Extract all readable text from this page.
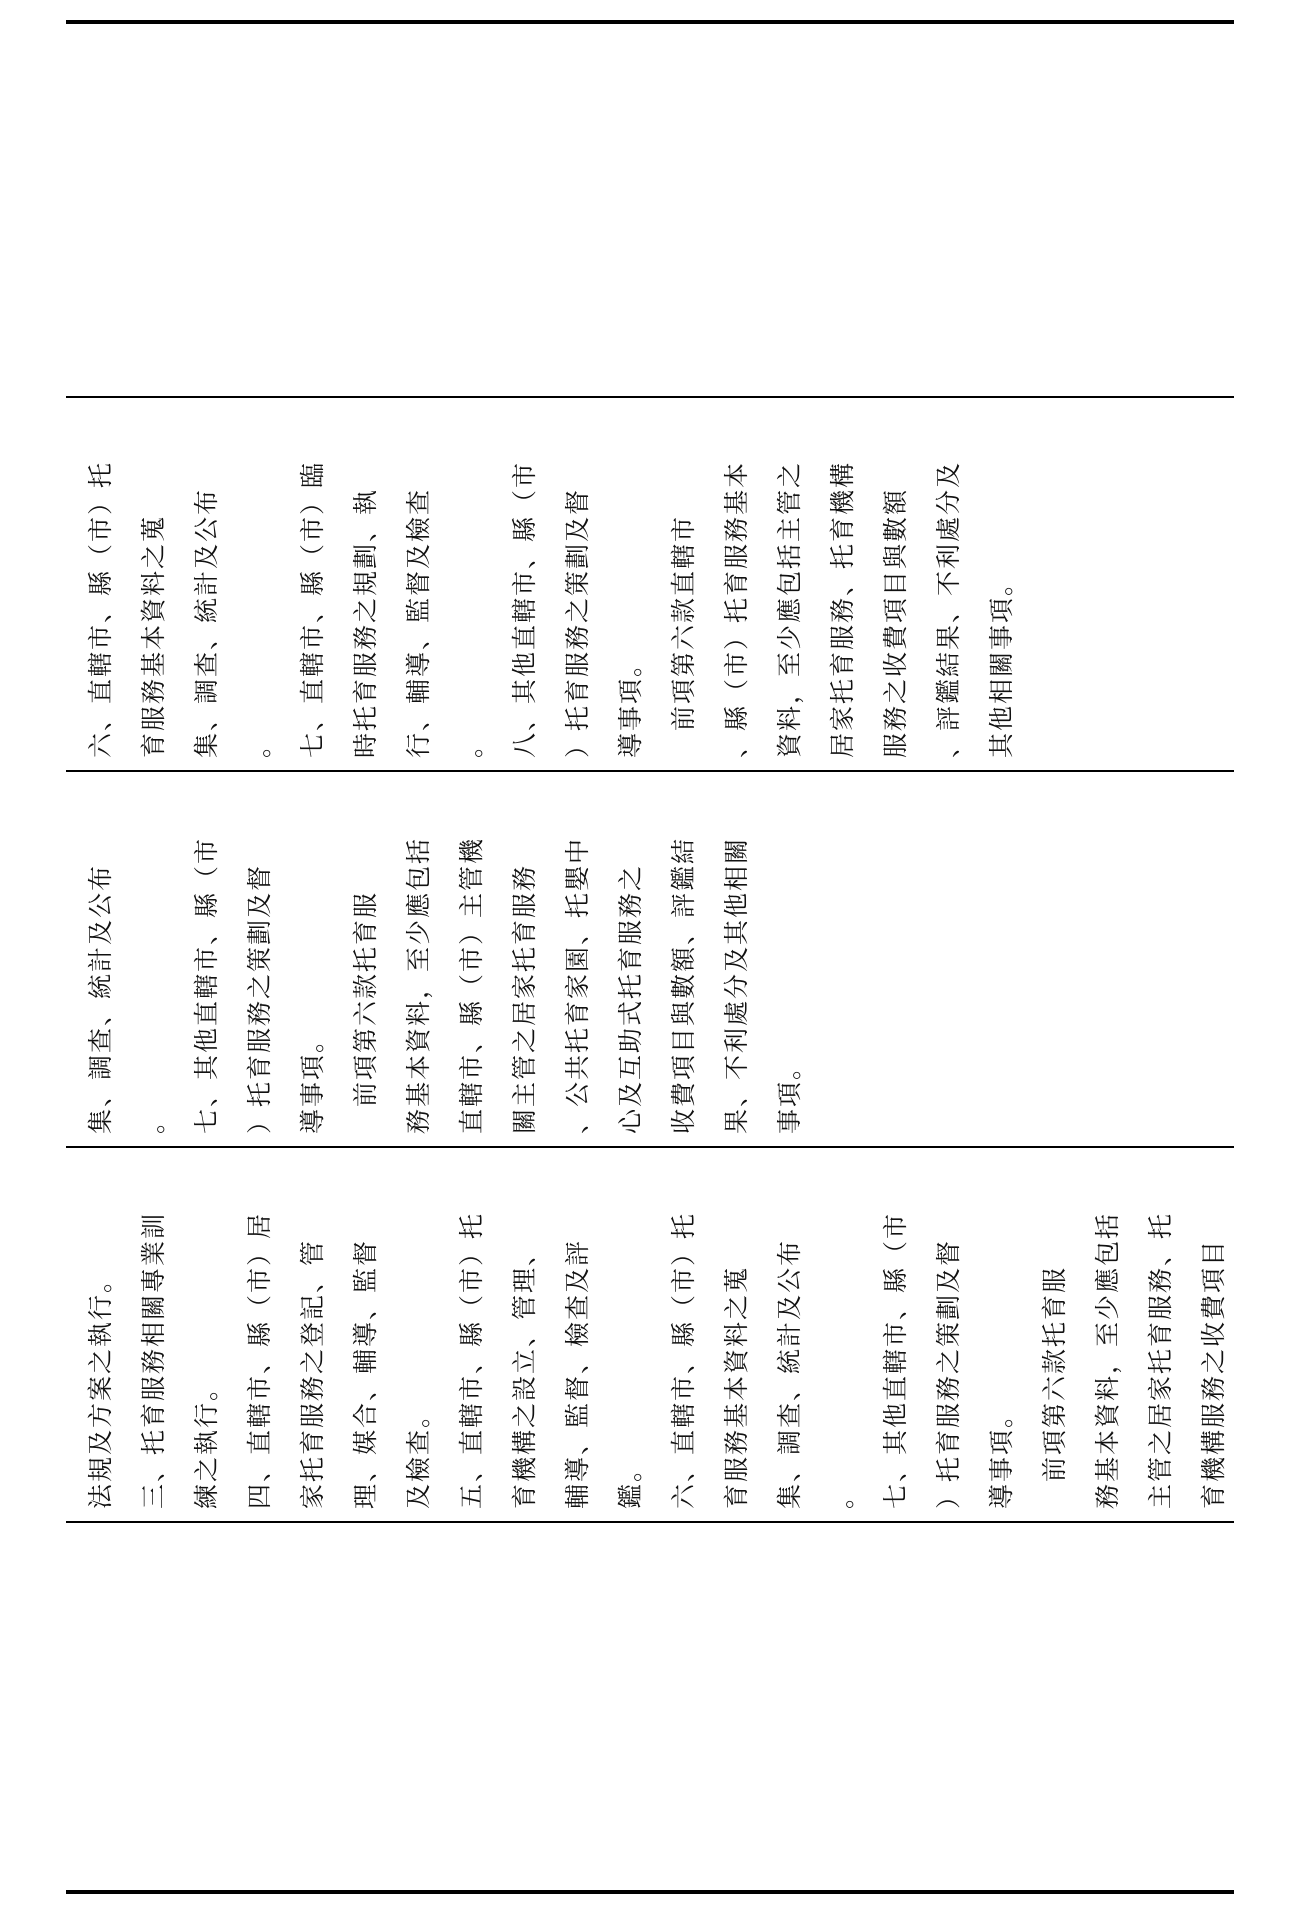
六、直轄市、縣（市）托 育服務基本資料之蒐 集、調查、統計及公布 。 七、直轄市、縣（市）臨 時托育服務之規劃、執 行、輔導、監督及檢查 。 八、其他直轄市、縣（市 ）托育服務之策劃及督 導事項。 　前項第六款直轄市 、縣（市）托育服務基本 資料，至少應包括主管之 居家托育服務、托育機構 服務之收費項目與數額 、評鑑結果、不利處分及 其他相關事項。
集、調查、統計及公布 。 七、其他直轄市、縣（市 ）托育服務之策劃及督 導事項。 　前項第六款托育服 務基本資料，至少應包括 直轄市、縣（市）主管機 關主管之居家托育服務 、公共托育家園、托嬰中 心及互助式托育服務之 收費項目與數額、評鑑結 果、不利處分及其他相關 事項。
法規及方案之執行。 三、托育服務相關專業訓 練之執行。 四、直轄市、縣（市）居 家托育服務之登記、管 理、媒合、輔導、監督 及檢查。 五、直轄市、縣（市）托 育機構之設立、管理、 輔導、監督、檢查及評 鑑。 六、直轄市、縣（市）托 育服務基本資料之蒐 集、調查、統計及公布 。 七、其他直轄市、縣（市 ）托育服務之策劃及督 導事項。 　前項第六款托育服 務基本資料，至少應包括 主管之居家托育服務、托 育機構服務之收費項目
